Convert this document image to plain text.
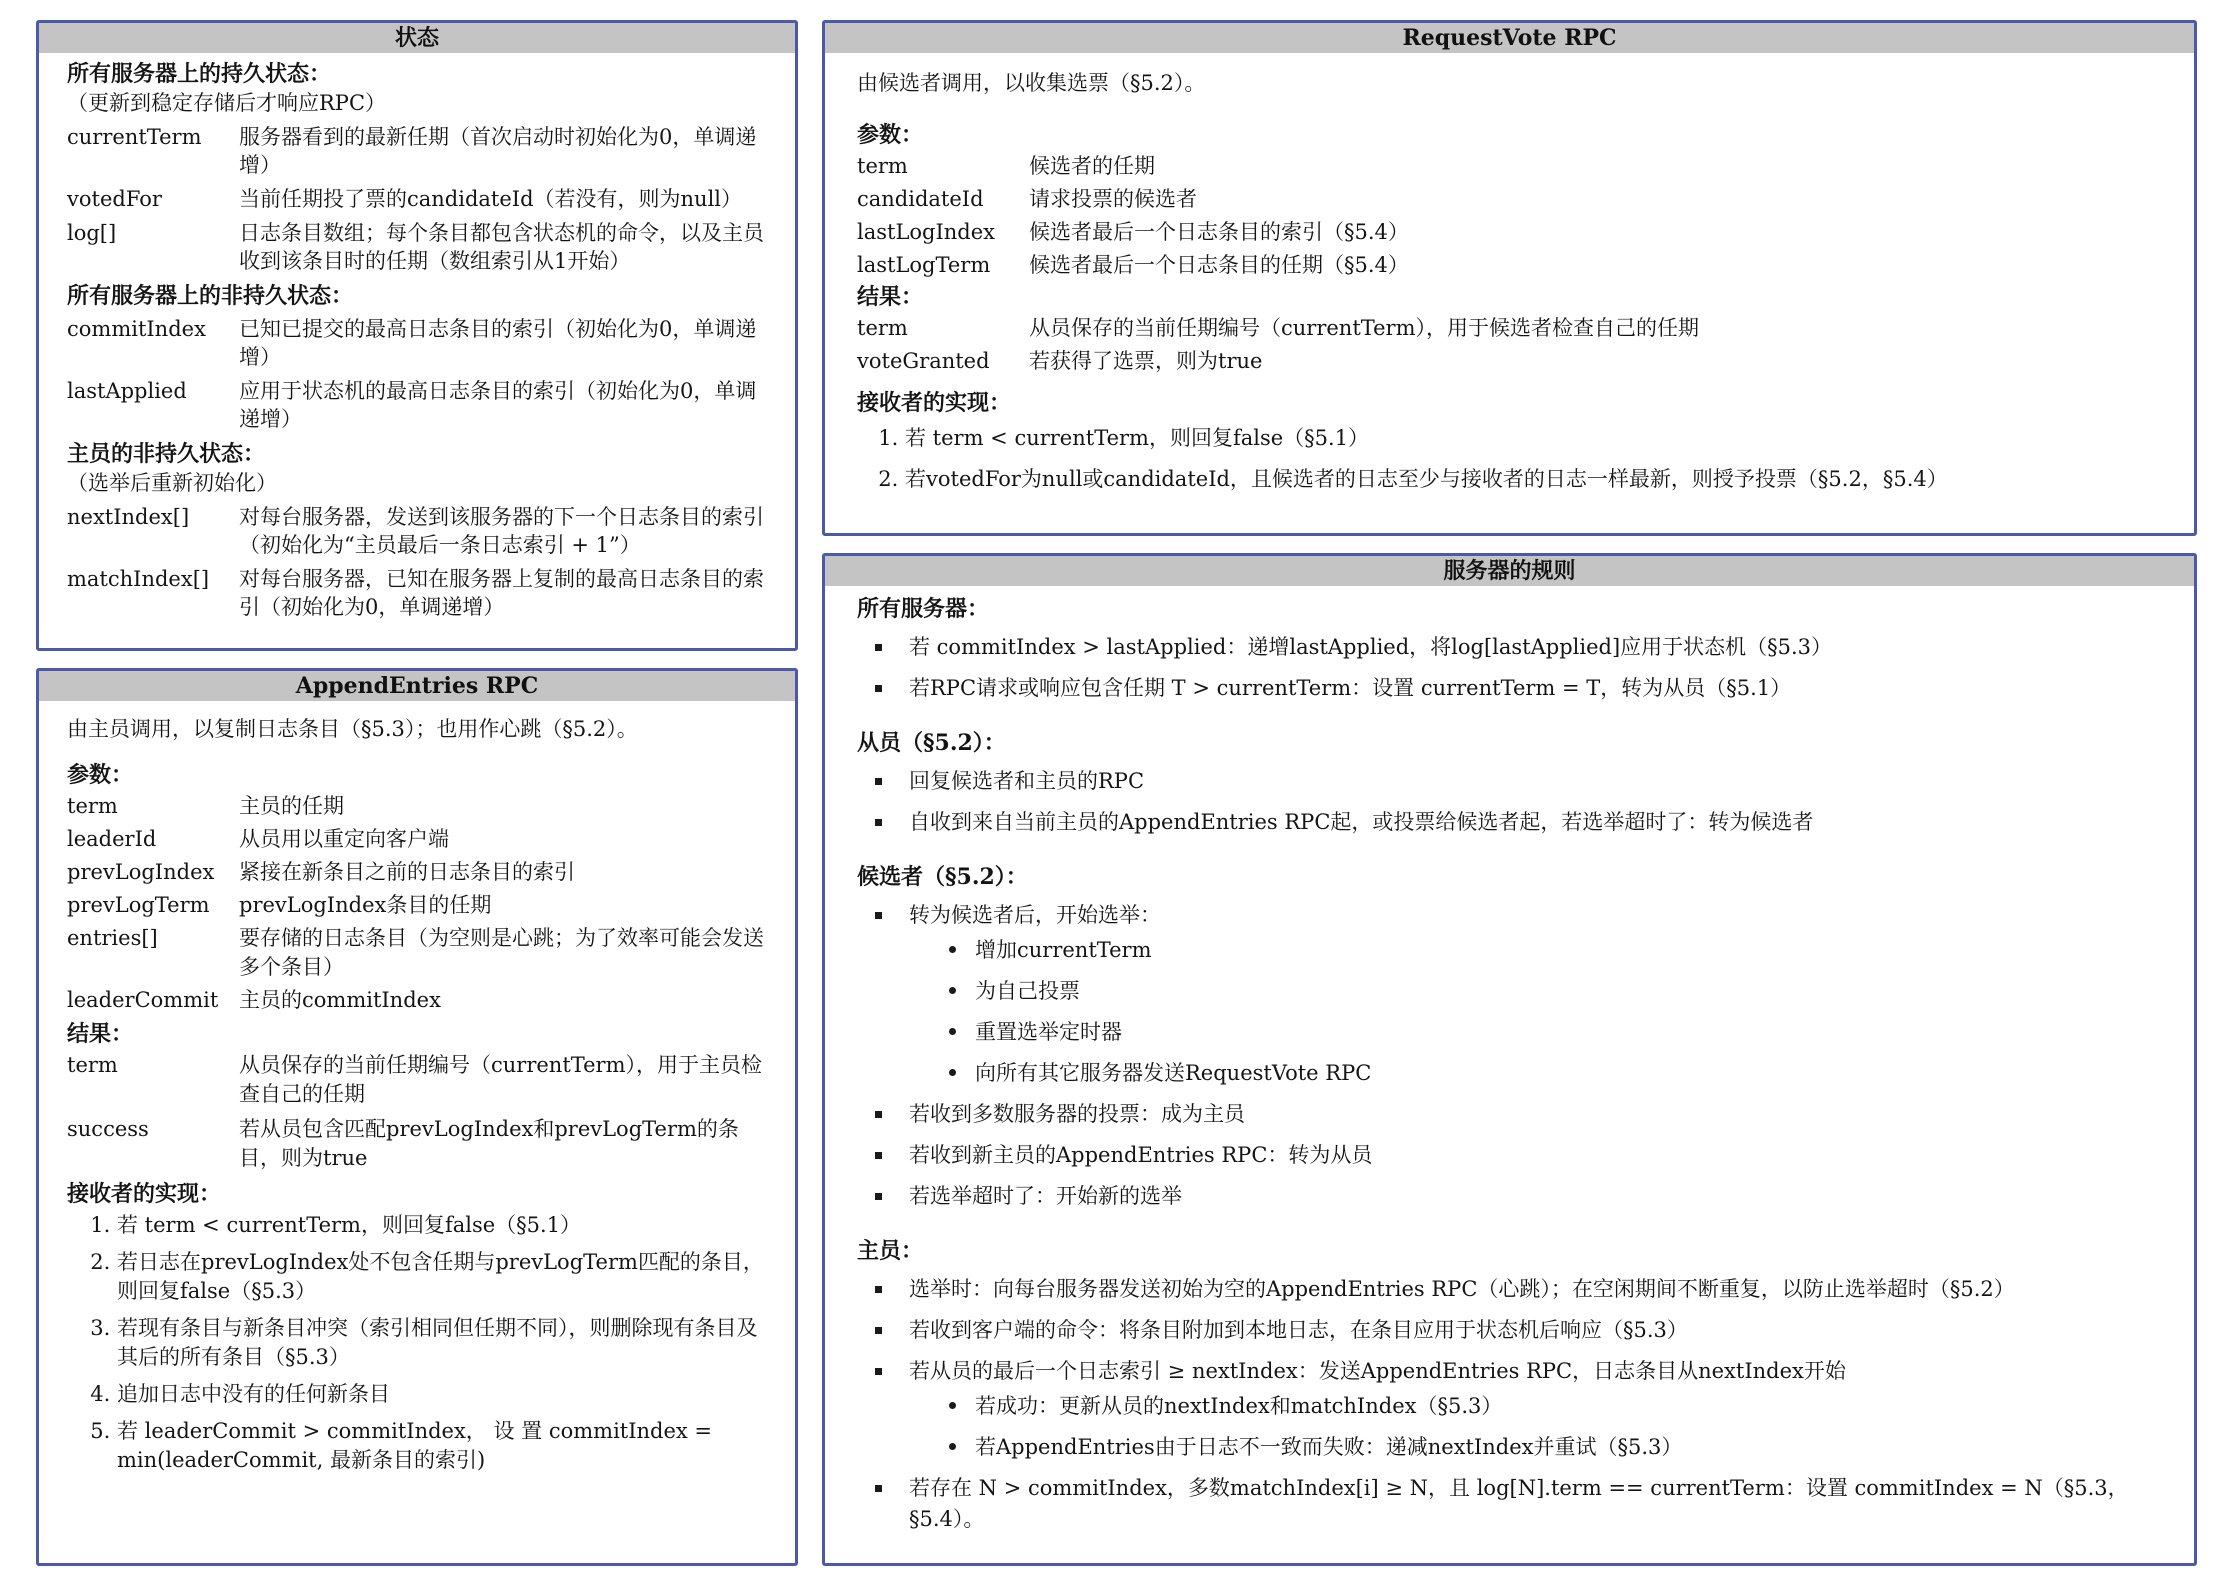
状态
所有服务器上的持久状态：
（更新到稳定存储后才响应RPC）
currentTerm	服务器看到的最新任期（首次启动时初始化为0，单调递增）
votedFor	当前任期投了票的candidateId（若没有，则为null）
log[]	日志条目数组；每个条目都包含状态机的命令，以及主员收到该条目时的任期（数组索引从1开始）
所有服务器上的非持久状态：
commitIndex	已知已提交的最高日志条目的索引（初始化为0，单调递增）
lastApplied	应用于状态机的最高日志条目的索引（初始化为0，单调递增）
主员的非持久状态：
（选举后重新初始化）
nextIndex[]	对每台服务器，发送到该服务器的下一个日志条目的索引（初始化为“主员最后一条日志索引 + 1”）
matchIndex[]	对每台服务器，已知在服务器上复制的最高日志条目的索引（初始化为0，单调递增）
AppendEntries RPC
由主员调用，以复制日志条目（§5.3）；也用作心跳（§5.2）。
参数：
term	主员的任期
leaderId	从员用以重定向客户端
prevLogIndex	紧接在新条目之前的日志条目的索引
prevLogTerm	prevLogIndex条目的任期
entries[]	要存储的日志条目（为空则是心跳；为了效率可能会发送多个条目）
leaderCommit 主员的commitIndex
结果：
term	从员保存的当前任期编号（currentTerm），用于主员检查自己的任期
success	若从员包含匹配prevLogIndex和prevLogTerm的条目，则为true
接收者的实现：
1. 若 term < currentTerm，则回复false（§5.1）
2. 若日志在prevLogIndex处不包含任期与prevLogTerm匹配的条目，则回复false（§5.3）
3. 若现有条目与新条目冲突（索引相同但任期不同），则删除现有条目及其后的所有条目（§5.3）
4. 追加日志中没有的任何新条目
5. 若 leaderCommit > commitIndex， 设 置 commitIndex = min(leaderCommit, 最新条目的索引)
RequestVote RPC
由候选者调用，以收集选票（§5.2）。
参数：
term	候选者的任期
candidateId	请求投票的候选者
lastLogIndex	候选者最后一个日志条目的索引（§5.4）
lastLogTerm	候选者最后一个日志条目的任期（§5.4）
结果：
term	从员保存的当前任期编号（currentTerm），用于候选者检查自己的任期
voteGranted	若获得了选票，则为true
接收者的实现：
1. 若 term < currentTerm，则回复false（§5.1）
2. 若votedFor为null或candidateId，且候选者的日志至少与接收者的日志一样最新，则授予投票（§5.2，§5.4）
服务器的规则
所有服务器：
若 commitIndex > lastApplied：递增lastApplied，将log[lastApplied]应用于状态机（§5.3）
若RPC请求或响应包含任期 T > currentTerm：设置 currentTerm = T，转为从员（§5.1）
从员（§5.2）：
回复候选者和主员的RPC
自收到来自当前主员的AppendEntries RPC起，或投票给候选者起，若选举超时了：转为候选者
候选者（§5.2）：
转为候选者后，开始选举：
增加currentTerm
为自己投票
重置选举定时器
向所有其它服务器发送RequestVote RPC
若收到多数服务器的投票：成为主员
若收到新主员的AppendEntries RPC：转为从员
若选举超时了：开始新的选举
主员：
选举时：向每台服务器发送初始为空的AppendEntries RPC（心跳）；在空闲期间不断重复，以防止选举超时（§5.2）
若收到客户端的命令：将条目附加到本地日志，在条目应用于状态机后响应（§5.3）
若从员的最后一个日志索引 ≥ nextIndex：发送AppendEntries RPC，日志条目从nextIndex开始
若成功：更新从员的nextIndex和matchIndex（§5.3）
若AppendEntries由于日志不一致而失败：递减nextIndex并重试（§5.3）
若存在 N > commitIndex，多数matchIndex[i] ≥ N，且 log[N].term == currentTerm：设置 commitIndex = N（§5.3，§5.4）。
